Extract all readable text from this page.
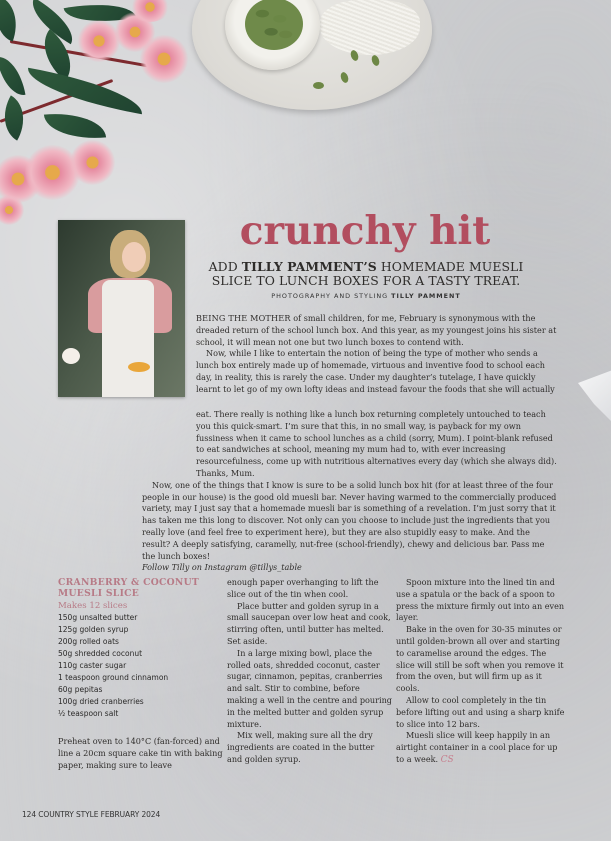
crunchy hit
ADD TILLY PAMMENT’S HOMEMADE MUESLI
SLICE TO LUNCH BOXES FOR A TASTY TREAT.
PHOTOGRAPHY AND STYLING TILLY PAMMENT

BEING THE MOTHER of small children, for me, February is synonymous with the dreaded return of the school lunch box. And this year, as my youngest joins his sister at school, it will mean not one but two lunch boxes to contend with.

Now, while I like to entertain the notion of being the type of mother who sends a lunch box entirely made up of homemade, virtuous and inventive food to school each day, in reality, this is rarely the case. Under my daughter’s tutelage, I have quickly learnt to let go of my own lofty ideas and instead favour the foods that she will actually

eat. There really is nothing like a lunch box returning completely untouched to teach you this quick-smart. I’m sure that this, in no small way, is payback for my own fussiness when it came to school lunches as a child (sorry, Mum). I point-blank refused to eat sandwiches at school, meaning my mum had to, with ever increasing resourcefulness, come up with nutritious alternatives every day (which she always did). Thanks, Mum.

Now, one of the things that I know is sure to be a solid lunch box hit (for at least three of the four people in our house) is the good old muesli bar. Never having warmed to the commercially produced variety, may I just say that a homemade muesli bar is something of a revelation. I’m just sorry that it has taken me this long to discover. Not only can you choose to include just the ingredients that you really love (and feel free to experiment here), but they are also stupidly easy to make. And the result? A deeply satisfying, caramelly, nut-free (school-friendly), chewy and delicious bar. Pass me the lunch boxes!

Follow Tilly on Instagram @tillys_table

CRANBERRY & COCONUT MUESLI SLICE
Makes 12 slices
150g unsalted butter
125g golden syrup
200g rolled oats
50g shredded coconut
110g caster sugar
1 teaspoon ground cinnamon
60g pepitas
100g dried cranberries
½ teaspoon salt

Preheat oven to 140°C (fan-forced) and line a 20cm square cake tin with baking paper, making sure to leave

enough paper overhanging to lift the slice out of the tin when cool.

Place butter and golden syrup in a small saucepan over low heat and cook, stirring often, until butter has melted. Set aside.

In a large mixing bowl, place the rolled oats, shredded coconut, caster sugar, cinnamon, pepitas, cranberries and salt. Stir to combine, before making a well in the centre and pouring in the melted butter and golden syrup mixture.

Mix well, making sure all the dry ingredients are coated in the butter and golden syrup.

Spoon mixture into the lined tin and use a spatula or the back of a spoon to press the mixture firmly out into an even layer.

Bake in the oven for 30-35 minutes or until golden-brown all over and starting to caramelise around the edges. The slice will still be soft when you remove it from the oven, but will firm up as it cools.

Allow to cool completely in the tin before lifting out and using a sharp knife to slice into 12 bars.

Muesli slice will keep happily in an airtight container in a cool place for up to a week. CS

124 COUNTRY STYLE FEBRUARY 2024
